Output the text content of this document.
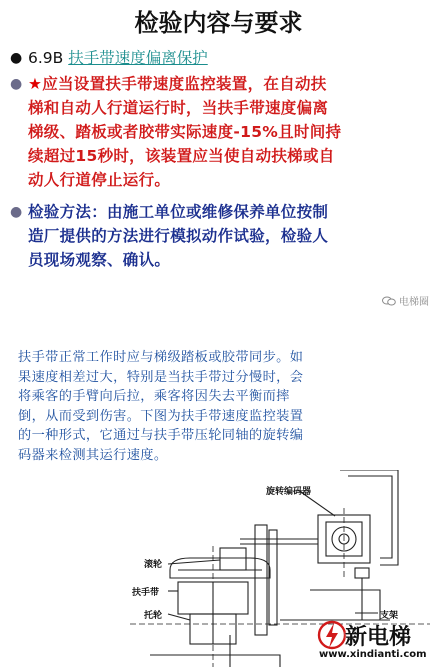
检验内容与要求
● 6.9B 扶手带速度偏离保护
● ★应当设置扶手带速度监控装置，在自动扶
梯和自动人行道运行时，当扶手带速度偏离
梯级、踏板或者胶带实际速度-15%且时间持
续超过15秒时，该装置应当使自动扶梯或自
动人行道停止运行。
● 检验方法：由施工单位或维修保养单位按制
造厂提供的方法进行模拟动作试验，检验人
员现场观察、确认。
电梯圈
扶手带正常工作时应与梯级踏板或胶带同步。如
果速度相差过大，特别是当扶手带过分慢时，会
将乘客的手臂向后拉，乘客将因失去平衡而摔
倒，从而受到伤害。下图为扶手带速度监控装置
的一种形式，它通过与扶手带压轮同轴的旋转编
码器来检测其运行速度。
旋转编码器
滚轮
扶手带
托轮	支架
新电梯
www.xindianti.com
